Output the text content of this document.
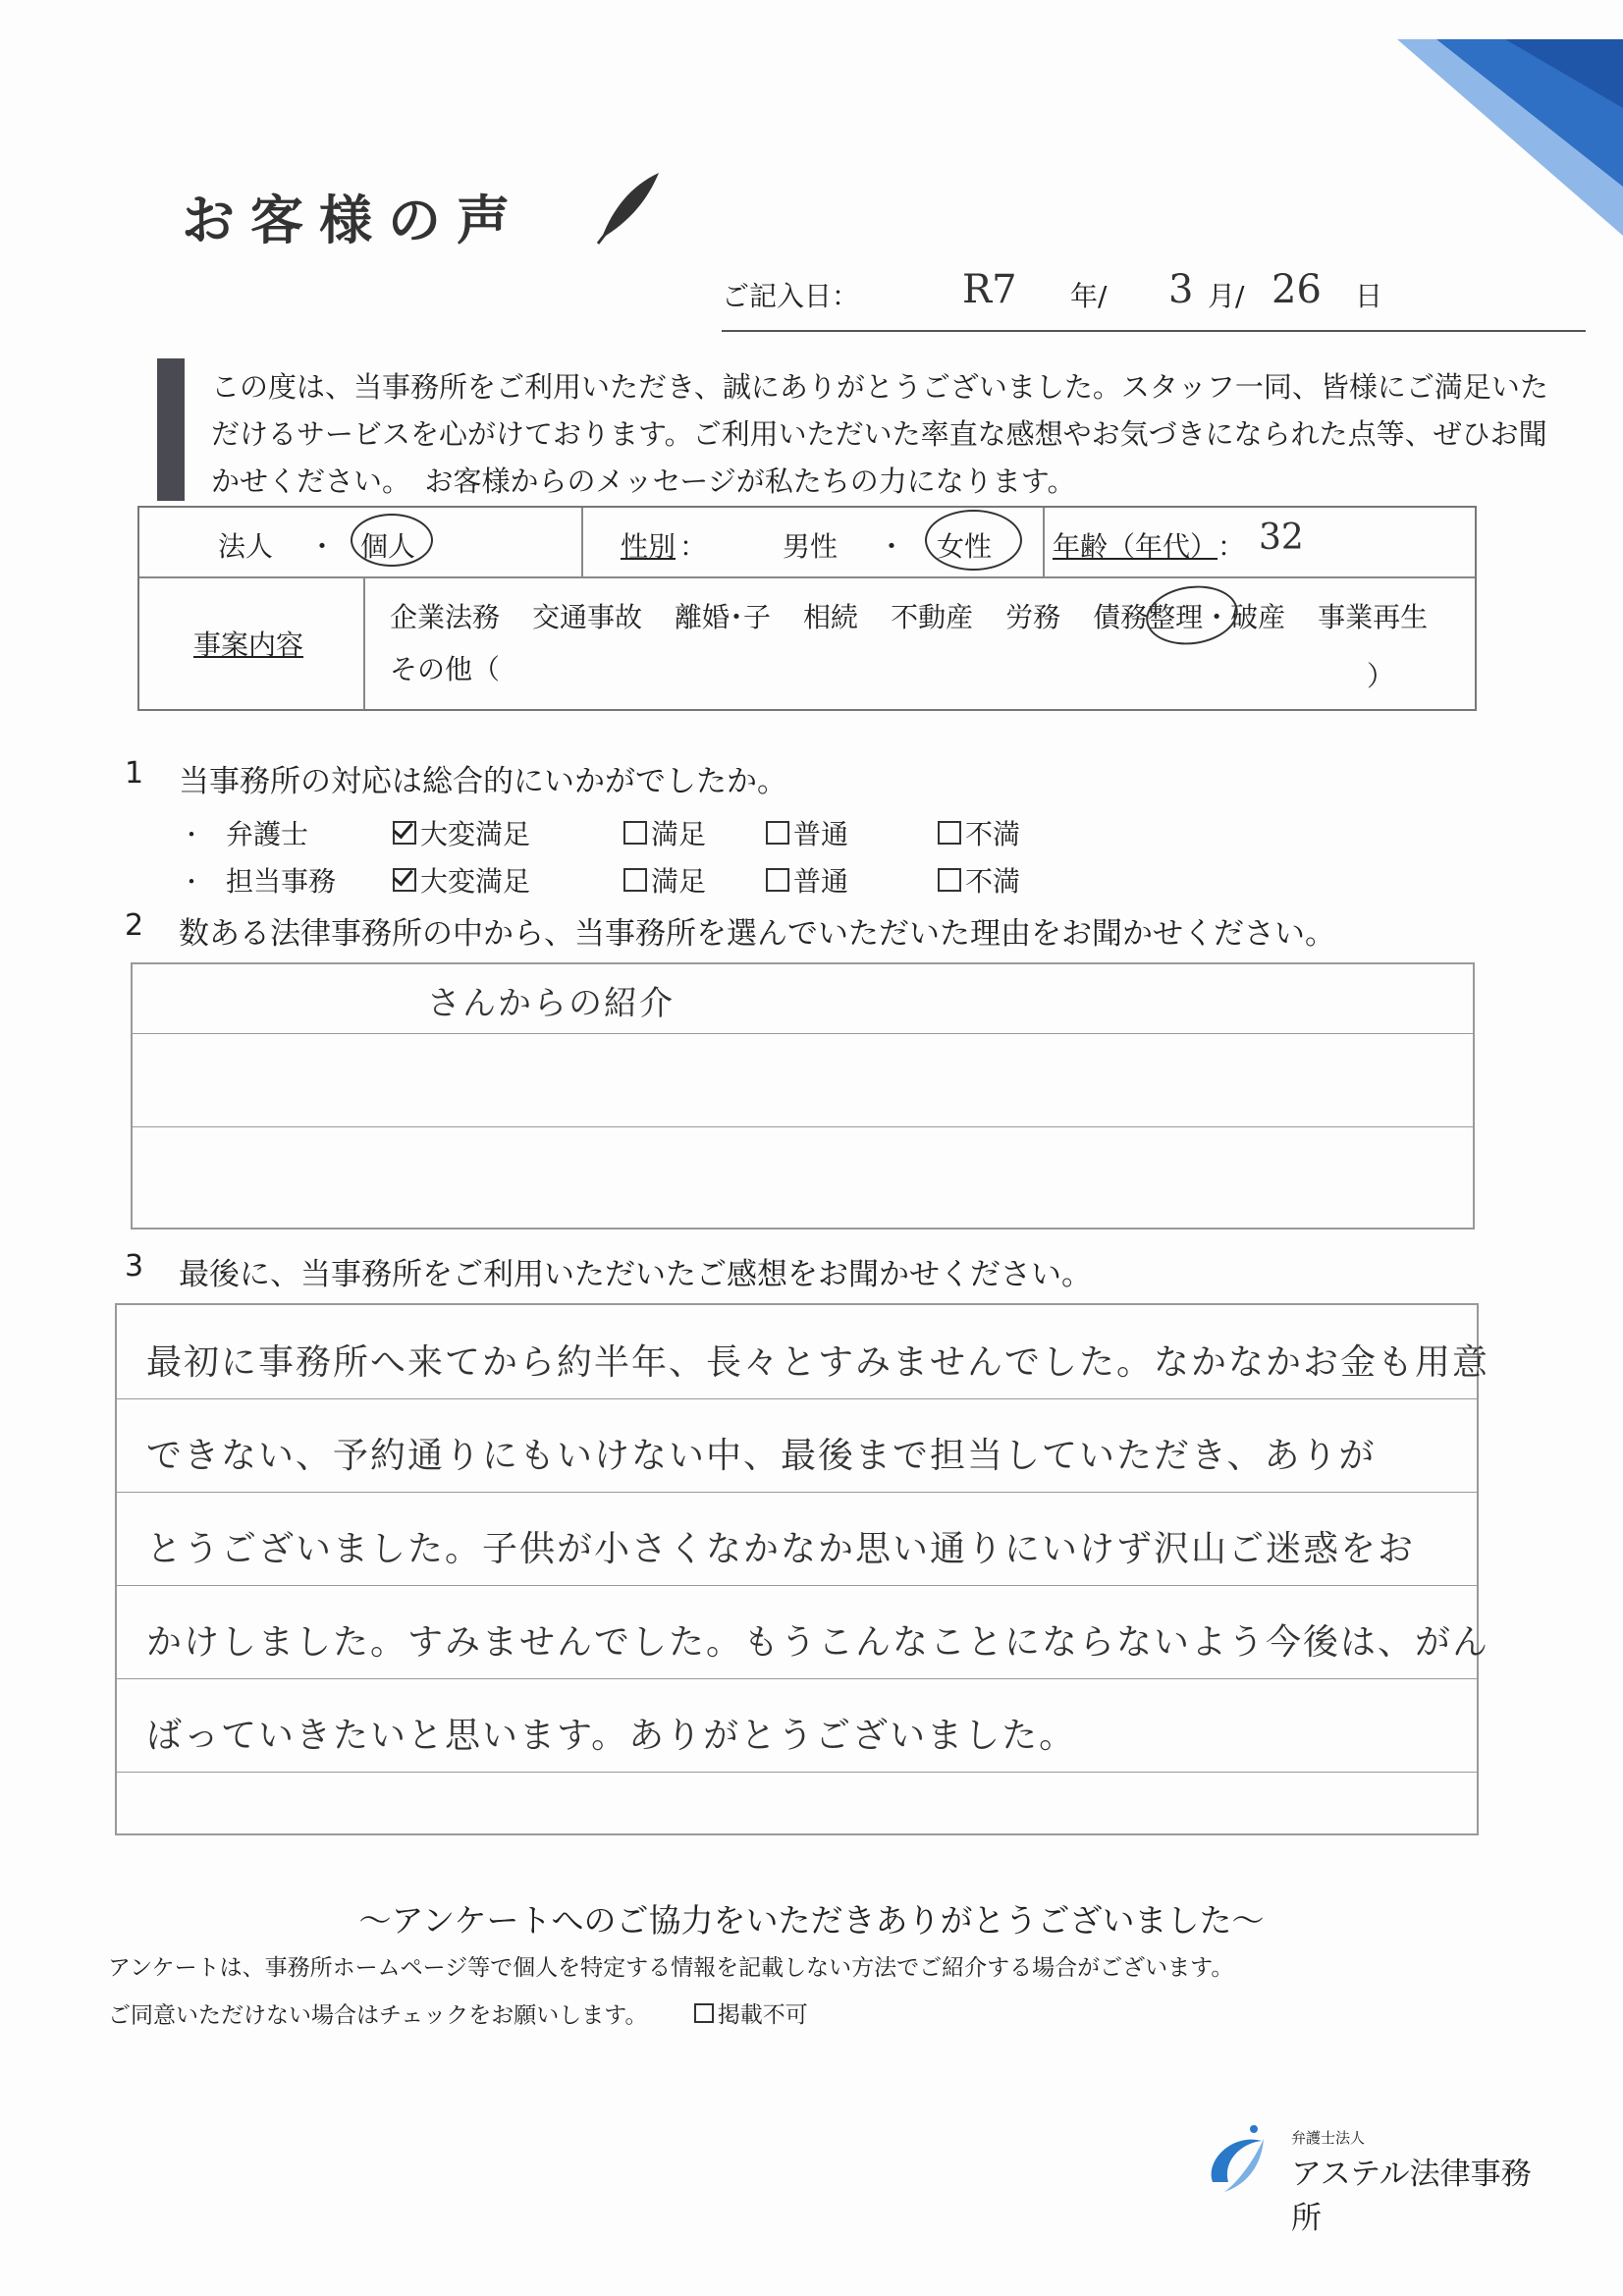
お客様の声
ご記入日：	R7 年/ 3 月/ 26 日
この度は、当事務所をご利用いただき、誠にありがとうございました。スタッフ一同、皆様にご満足いただけるサービスを心がけております。ご利用いただいた率直な感想やお気づきになられた点等、ぜひお聞かせください。　お客様からのメッセージが私たちの力になります。
法人 ・ 個人	性別 ：	男性 ・ 女性 年齢（年代） ： 32
事案内容
企業法務 交通事故 離婚･子 相続 不動産 労務 債務整理・破産 事業再生
その他（	）
1 当事務所の対応は総合的にいかがでしたか。
・ 弁護士	大変満足	満足	普通	不満
・ 担当事務	大変満足	満足	普通	不満
2 数ある法律事務所の中から、当事務所を選んでいただいた理由をお聞かせください。
さんからの紹介
3 最後に、当事務所をご利用いただいたご感想をお聞かせください。
最初に事務所へ来てから約半年、長々とすみませんでした。なかなかお金も用意
できない、予約通りにもいけない中、最後まで担当していただき、ありが
とうございました。子供が小さくなかなか思い通りにいけず沢山ご迷惑をお
かけしました。すみませんでした。もうこんなことにならないよう今後は、がん
ばっていきたいと思います。ありがとうございました。
～アンケートへのご協力をいただきありがとうございました～
アンケートは、事務所ホームページ等で個人を特定する情報を記載しない方法でご紹介する場合がございます。
ご同意いただけない場合はチェックをお願いします。	掲載不可
弁護士法人
アステル法律事務所
